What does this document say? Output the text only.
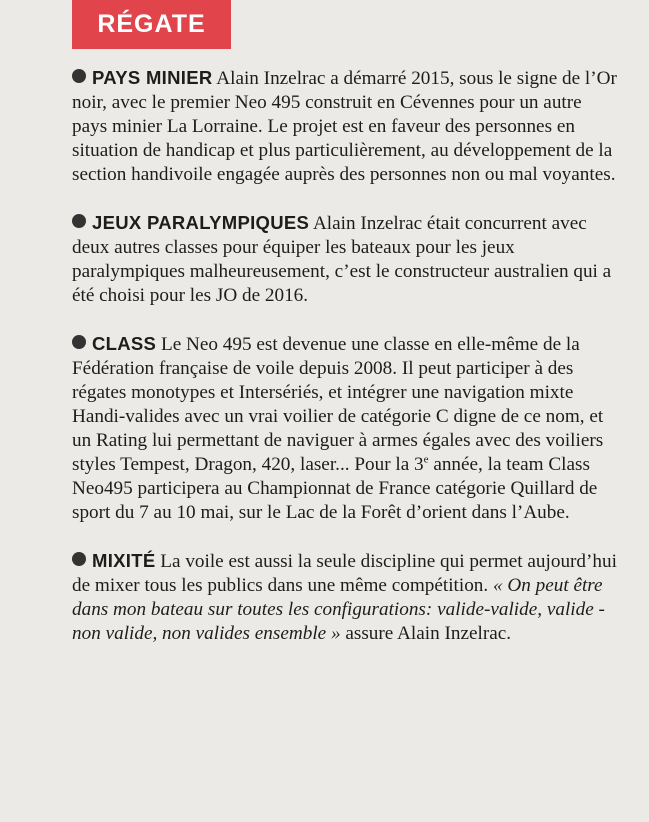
RÉGATE

PAYS MINIER Alain Inzelrac a démarré 2015, sous le signe de l’Or noir, avec le premier Neo 495 construit en Cévennes pour un autre pays minier La Lorraine. Le projet est en faveur des personnes en situation de handicap et plus particulièrement, au développement de la section handivoile engagée auprès des personnes non ou mal voyantes.

JEUX PARALYMPIQUES Alain Inzelrac était concurrent avec deux autres classes pour équiper les bateaux pour les jeux paralympiques malheureusement, c’est le constructeur australien qui a été choisi pour les JO de 2016.

CLASS Le Neo 495 est devenue une classe en elle-même de la Fédération française de voile depuis 2008. Il peut participer à des régates monotypes et Intersériés, et intégrer une navigation mixte Handi-valides avec un vrai voilier de catégorie C digne de ce nom, et un Rating lui permettant de naviguer à armes égales avec des voiliers styles Tempest, Dragon, 420, laser... Pour la 3e année, la team Class Neo495 participera au Championnat de France catégorie Quillard de sport du 7 au 10 mai, sur le Lac de la Forêt d’orient dans l’Aube.

MIXITÉ La voile est aussi la seule discipline qui permet aujourd’hui de mixer tous les publics dans une même compétition. « On peut être dans mon bateau sur toutes les configurations: valide-valide, valide - non valide, non valides ensemble » assure Alain Inzelrac.
